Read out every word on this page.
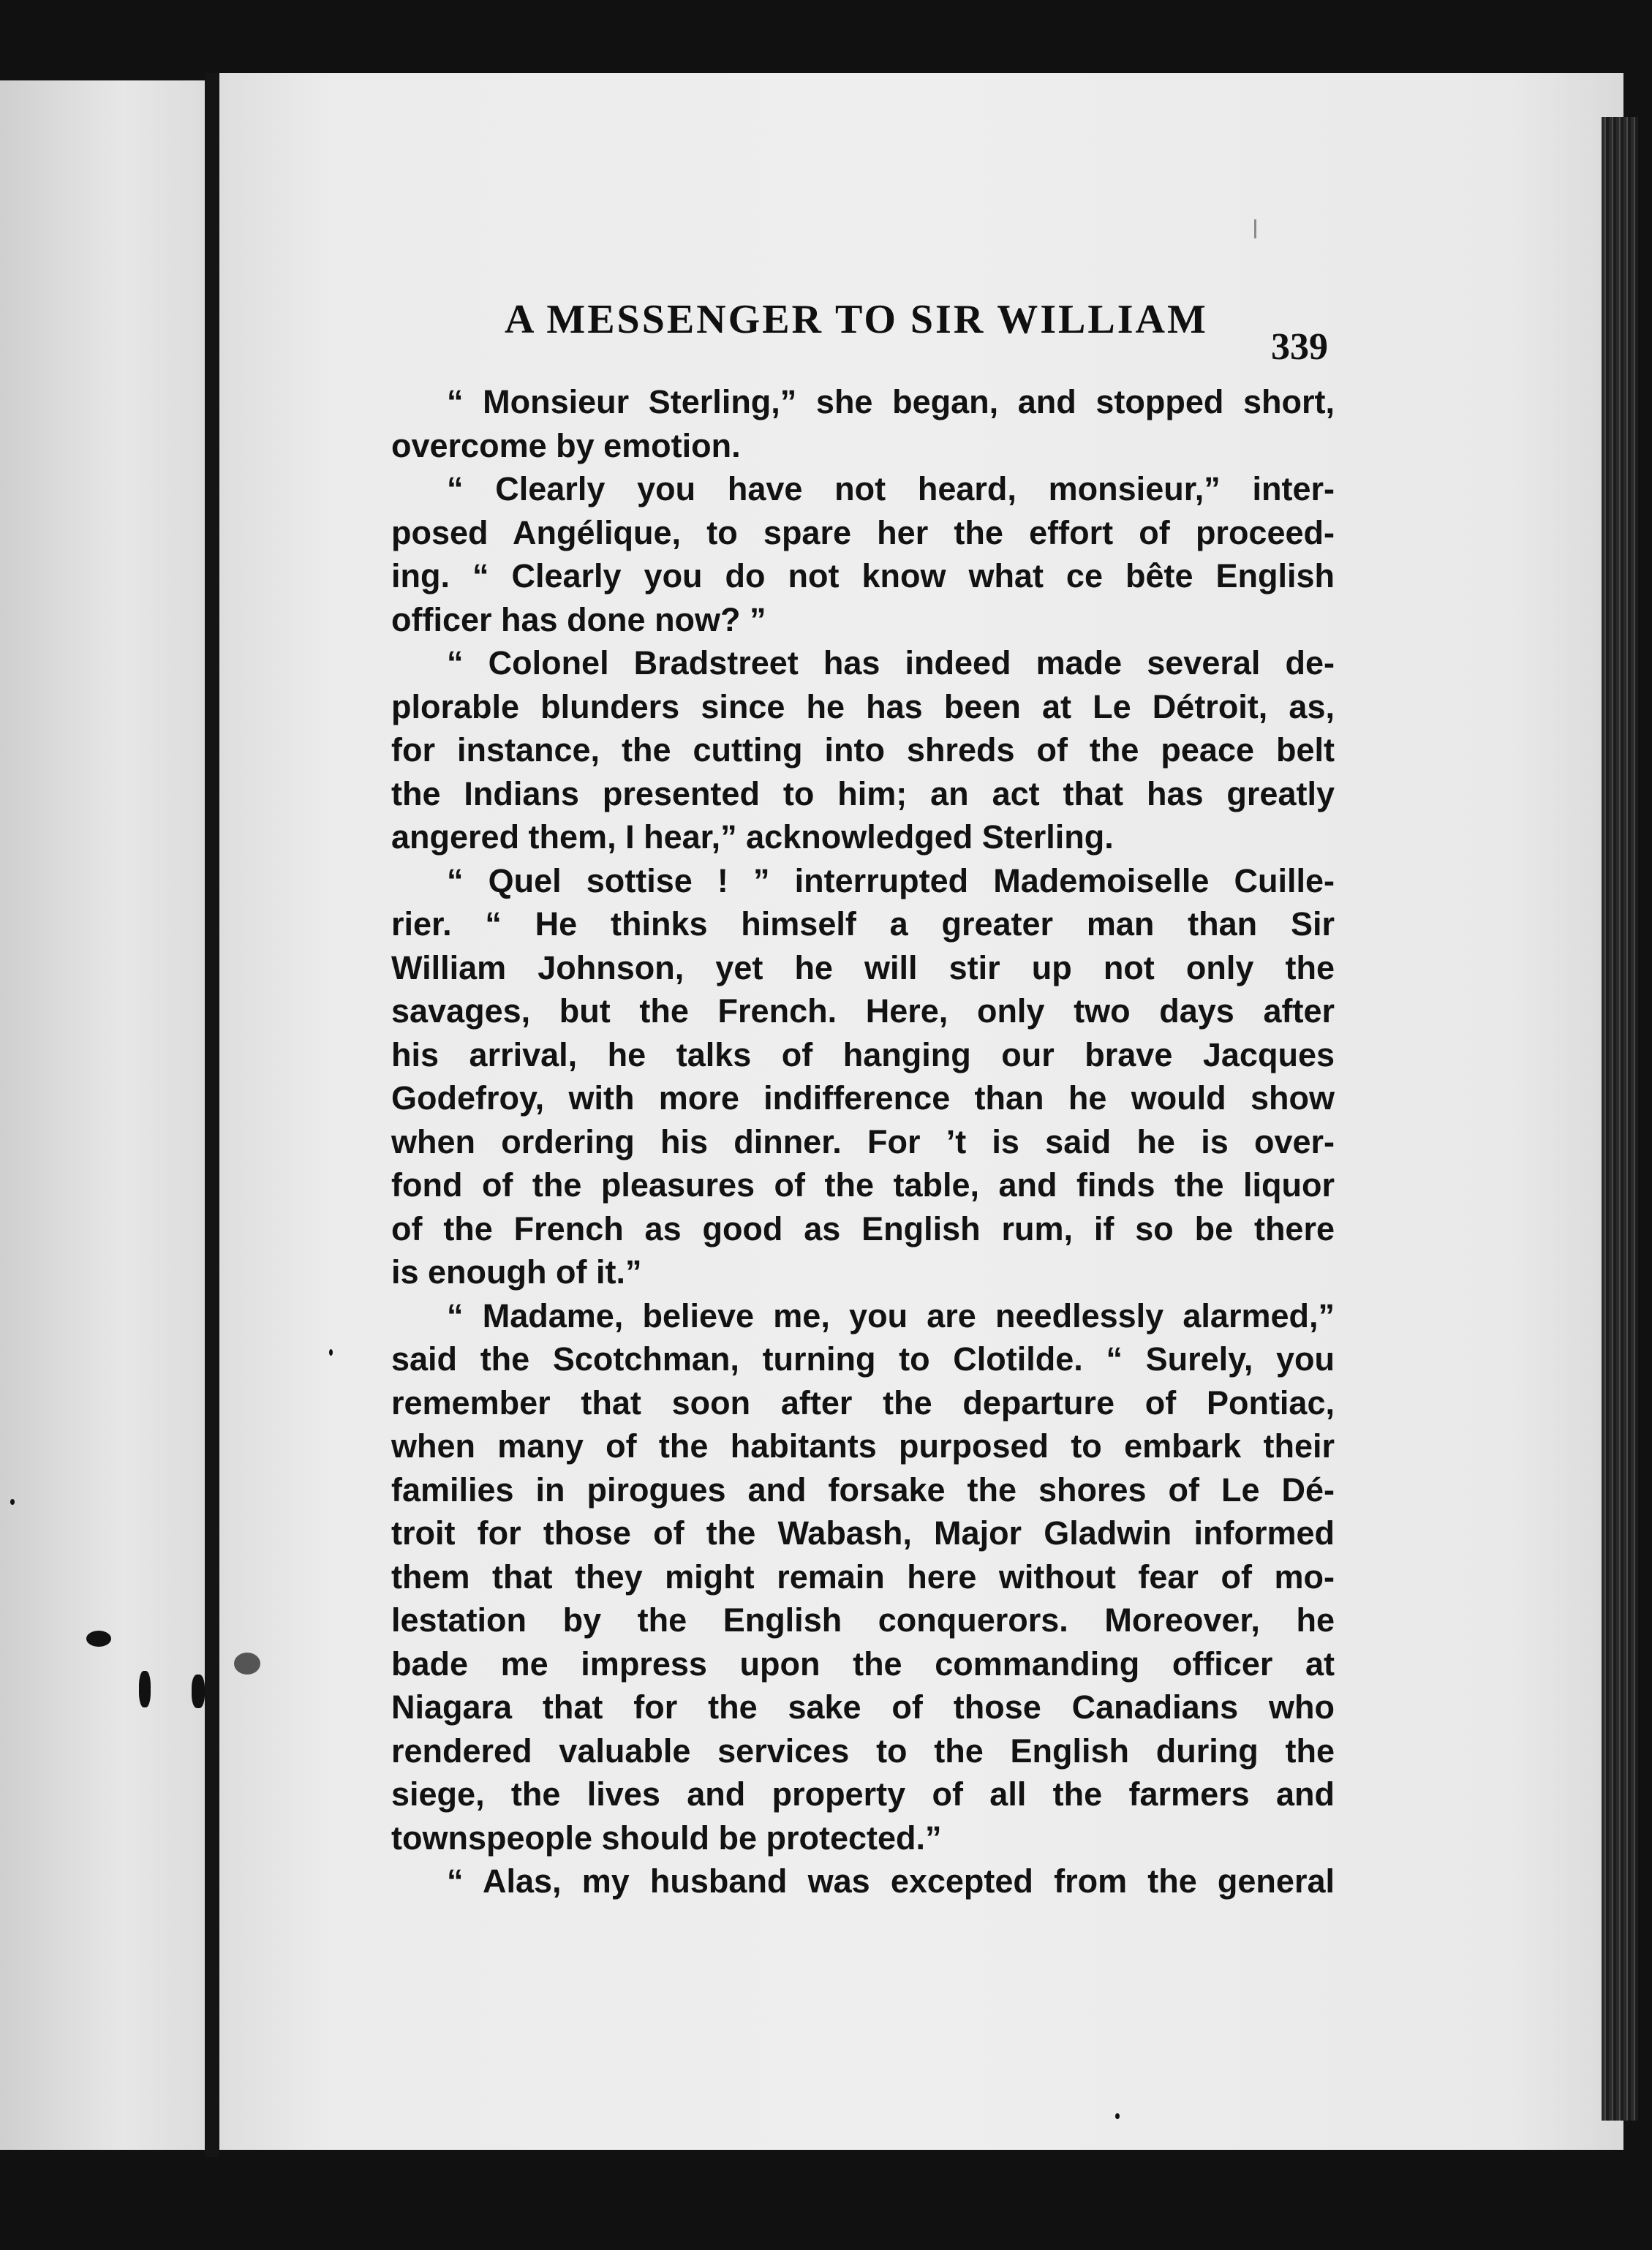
A MESSENGER TO SIR WILLIAM
339
“ Monsieur Sterling,” she began, and stopped short,
overcome by emotion.
“ Clearly you have not heard, monsieur,” inter-
posed Angélique, to spare her the effort of proceed-
ing. “ Clearly you do not know what ce bête English
officer has done now? ”
“ Colonel Bradstreet has indeed made several de-
plorable blunders since he has been at Le Détroit, as,
for instance, the cutting into shreds of the peace belt
the Indians presented to him; an act that has greatly
angered them, I hear,” acknowledged Sterling.
“ Quel sottise ! ” interrupted Mademoiselle Cuille-
rier. “ He thinks himself a greater man than Sir
William Johnson, yet he will stir up not only the
savages, but the French. Here, only two days after
his arrival, he talks of hanging our brave Jacques
Godefroy, with more indifference than he would show
when ordering his dinner. For ’t is said he is over-
fond of the pleasures of the table, and finds the liquor
of the French as good as English rum, if so be there
is enough of it.”
“ Madame, believe me, you are needlessly alarmed,”
said the Scotchman, turning to Clotilde. “ Surely, you
remember that soon after the departure of Pontiac,
when many of the habitants purposed to embark their
families in pirogues and forsake the shores of Le Dé-
troit for those of the Wabash, Major Gladwin informed
them that they might remain here without fear of mo-
lestation by the English conquerors. Moreover, he
bade me impress upon the commanding officer at
Niagara that for the sake of those Canadians who
rendered valuable services to the English during the
siege, the lives and property of all the farmers and
townspeople should be protected.”
“ Alas, my husband was excepted from the general
